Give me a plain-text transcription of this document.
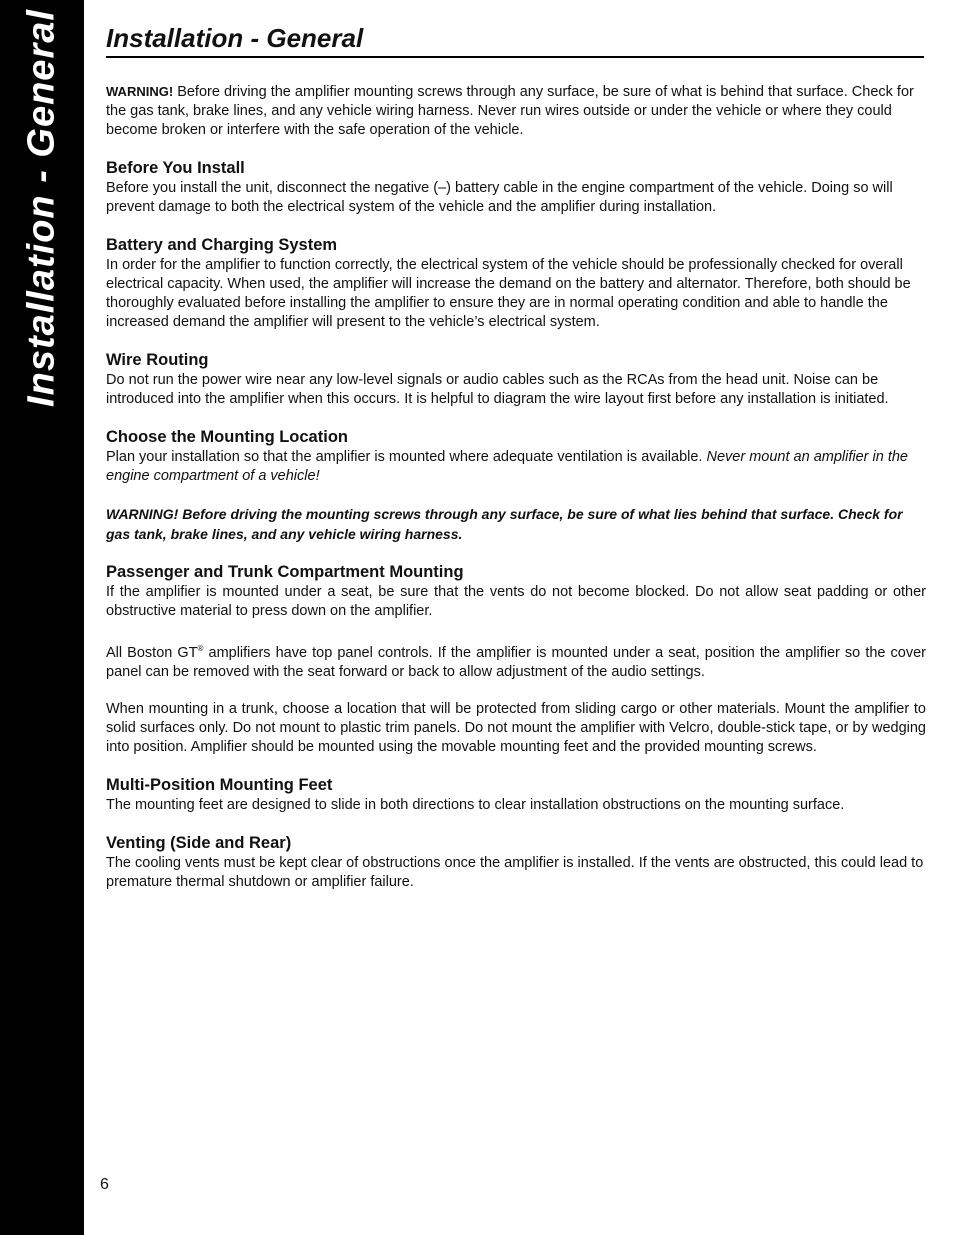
Installation - General Installation - General

WARNING! Before driving the amplifier mounting screws through any surface, be sure of what is behind that surface. Check for the gas tank, brake lines, and any vehicle wiring harness. Never run wires outside or under the vehicle or where they could become broken or interfere with the safe operation of the vehicle.

Before You Install

Before you install the unit, disconnect the negative (–) battery cable in the engine compartment of the vehicle. Doing so will prevent damage to both the electrical system of the vehicle and the amplifier during installation.

Battery and Charging System

In order for the amplifier to function correctly, the electrical system of the vehicle should be professionally checked for overall electrical capacity. When used, the amplifier will increase the demand on the battery and alternator. Therefore, both should be thoroughly evaluated before installing the amplifier to ensure they are in normal operating condition and able to handle the increased demand the amplifier will present to the vehicle’s electrical system.

Wire Routing

Do not run the power wire near any low-level signals or audio cables such as the RCAs from the head unit. Noise can be introduced into the amplifier when this occurs. It is helpful to diagram the wire layout first before any installation is initiated.

Choose the Mounting Location

Plan your installation so that the amplifier is mounted where adequate ventilation is available. Never mount an amplifier in the engine compartment of a vehicle!

WARNING! Before driving the mounting screws through any surface, be sure of what lies behind that surface. Check for gas tank, brake lines, and any vehicle wiring harness.

Passenger and Trunk Compartment Mounting

If the amplifier is mounted under a seat, be sure that the vents do not become blocked. Do not allow seat padding or other obstructive material to press down on the amplifier.

All Boston GT® amplifiers have top panel controls. If the amplifier is mounted under a seat, position the amplifier so the cover panel can be removed with the seat forward or back to allow adjustment of the audio settings.

When mounting in a trunk, choose a location that will be protected from sliding cargo or other materials. Mount the amplifier to solid surfaces only. Do not mount to plastic trim panels. Do not mount the amplifier with Velcro, double-stick tape, or by wedging into position. Amplifier should be mounted using the movable mounting feet and the provided mounting screws.

Multi-Position Mounting Feet

The mounting feet are designed to slide in both directions to clear installation obstructions on the mounting surface.

Venting (Side and Rear)

The cooling vents must be kept clear of obstructions once the amplifier is installed. If the vents are obstructed, this could lead to premature thermal shutdown or amplifier failure.

6
